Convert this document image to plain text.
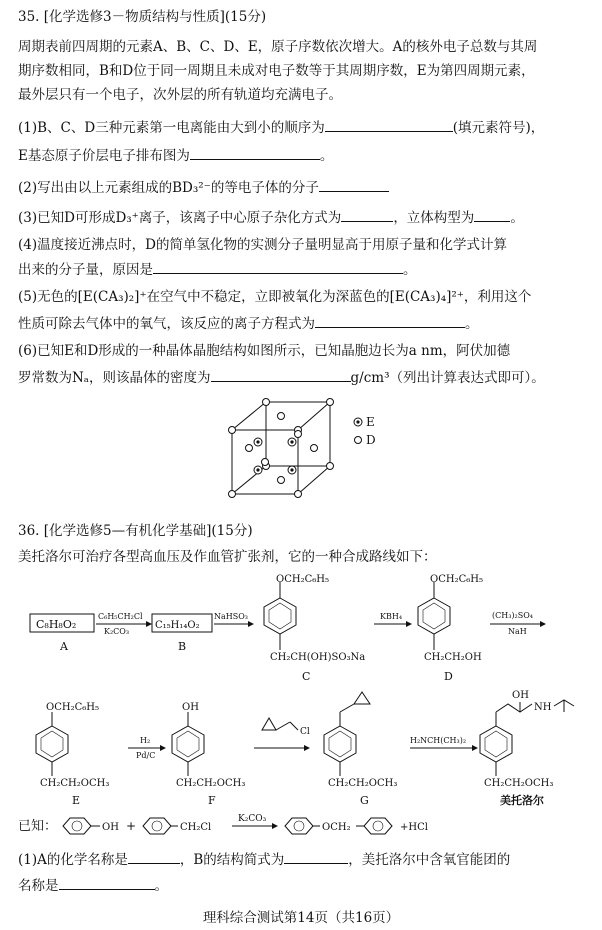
35. [化学选修3－物质结构与性质](15分)
周期表前四周期的元素A、B、C、D、E，原子序数依次增大。A的核外电子总数与其周
期序数相同，B和D位于同一周期且未成对电子数等于其周期序数，E为第四周期元素，
最外层只有一个电子，次外层的所有轨道均充满电子。
(1)B、C、D三种元素第一电离能由大到小的顺序为	(填元素符号)，
E基态原子价层电子排布图为	。
(2)写出由以上元素组成的BD₃²⁻的等电子体的分子
(3)已知D可形成D₃⁺离子，该离子中心原子杂化方式为	，立体构型为	。
(4)温度接近沸点时，D的简单氢化物的实测分子量明显高于用原子量和化学式计算
出来的分子量，原因是	。
(5)无色的[E(CA₃)₂]⁺在空气中不稳定，立即被氧化为深蓝色的[E(CA₃)₄]²⁺，利用这个
性质可除去气体中的氧气，该反应的离子方程式为	。
(6)已知E和D形成的一种晶体晶胞结构如图所示，已知晶胞边长为a nm，阿伏加德
罗常数为Nₐ，则该晶体的密度为	g/cm³（列出计算表达式即可）。
E
D
36. [化学选修5—有机化学基础](15分)
美托洛尔可治疗各型高血压及作血管扩张剂，它的一种合成路线如下：
C₈H₈O₂
A
C₆H₅CH₂Cl
K₂CO₃
C₁₅H₁₄O₂
B
NaHSO₃
OCH₂C₆H₅
CH₂CH(OH)SO₃Na
C
KBH₄
OCH₂C₆H₅
CH₂CH₂OH
D
(CH₃)₂SO₄
NaH
OCH₂C₆H₅
CH₂CH₂OCH₃
E
H₂
Pd/C
OH
CH₂CH₂OCH₃
F
Cl
CH₂CH₂OCH₃
G
H₂NCH(CH₃)₂
OH
NH
CH₂CH₂OCH₃
美托洛尔
已知：	OH +	CH₂Cl
K₂CO₃
OCH₂	+HCl
(1)A的化学名称是	，B的结构简式为	，美托洛尔中含氧官能团的
名称是	。
理科综合测试第14页（共16页）
